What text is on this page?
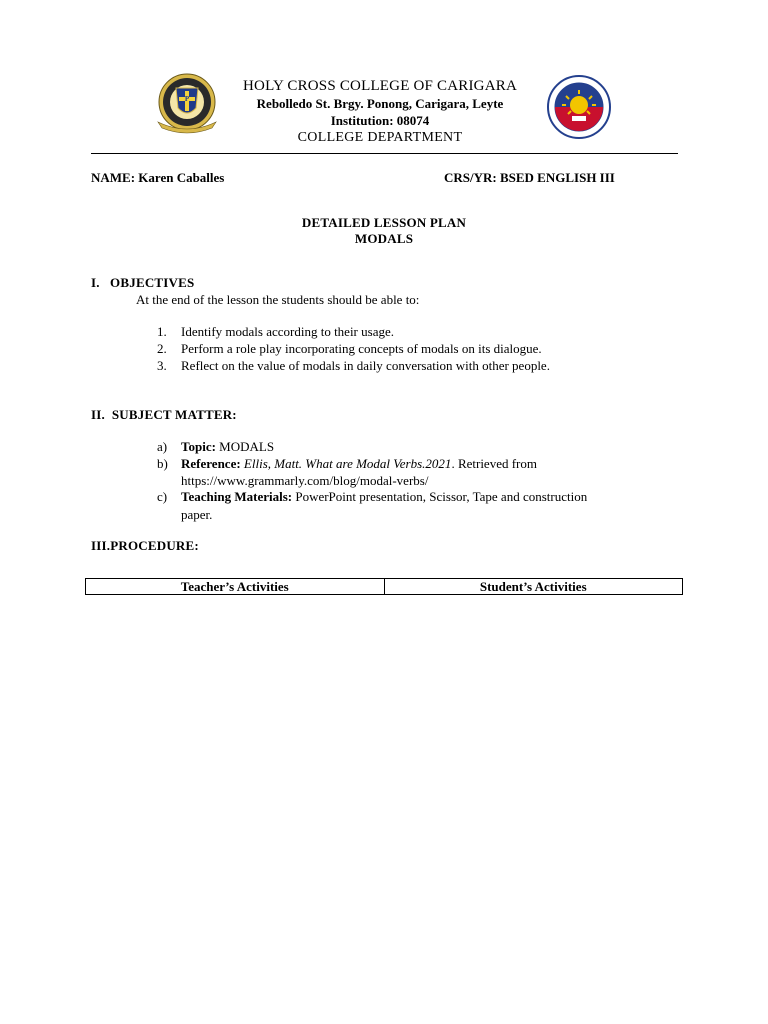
P
HOLY CROSS COLLEGE OF CARIGARA
Rebolledo St. Brgy. Ponong, Carigara, Leyte
Institution: 08074
COLLEGE DEPARTMENT
NAME: Karen Caballes	CRS/YR: BSED ENGLISH III
DETAILED LESSON PLAN
MODALS
I.   OBJECTIVES
At the end of the lesson the students should be able to:
1. Identify modals according to their usage.
2. Perform a role play incorporating concepts of modals on its dialogue.
3. Reflect on the value of modals in daily conversation with other people.
II.  SUBJECT MATTER:
a) Topic: MODALS
b) Reference: Ellis, Matt. What are Modal Verbs.2021. Retrieved from
https://www.grammarly.com/blog/modal-verbs/
c) Teaching Materials: PowerPoint presentation, Scissor, Tape and construction
paper.
III.PROCEDURE:
Teacher’s Activities	Student’s Activities
